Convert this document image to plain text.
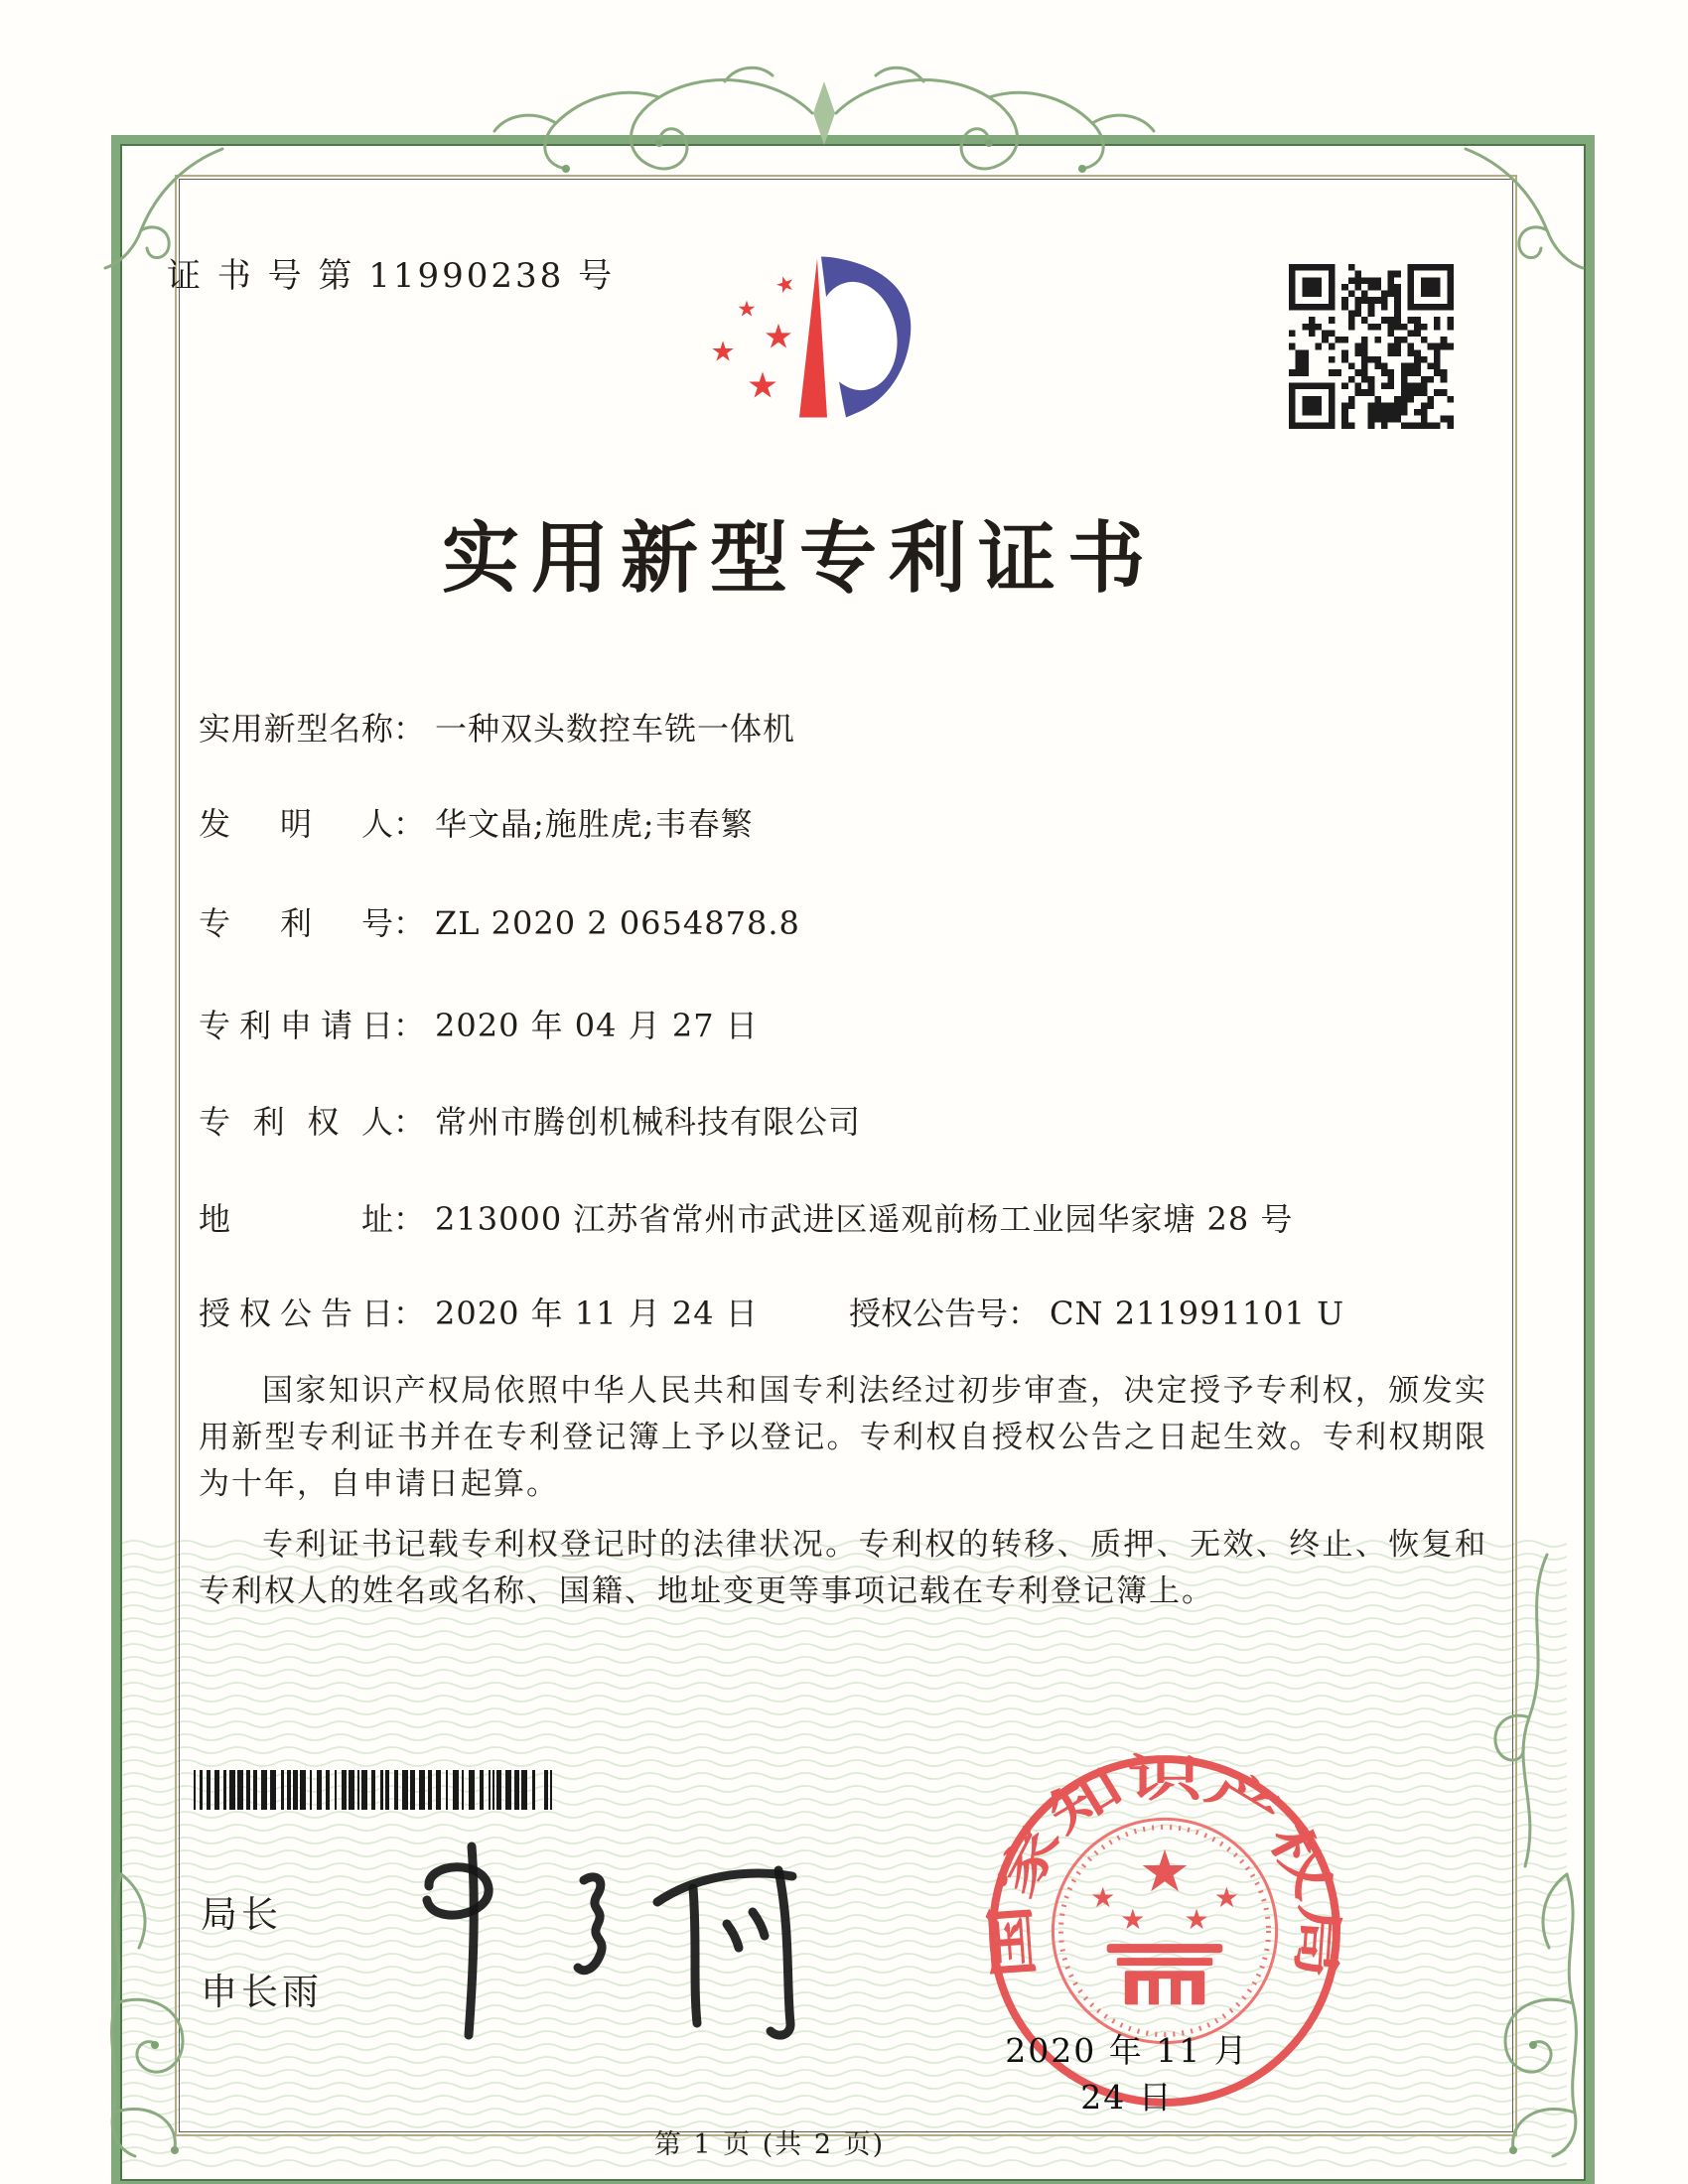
证 书 号 第 11990238 号	★
★
★
★
★
实用新型专利证书
实用新型名称： 一种双头数控车铣一体机
发明人： 华文晶;施胜虎;韦春繁
专利号： ZL 2020 2 0654878.8
专利申请日： 2020 年 04 月 27 日
专利权人： 常州市腾创机械科技有限公司
地址： 213000 江苏省常州市武进区遥观前杨工业园华家塘 28 号
授权公告日： 2020 年 11 月 24 日	授权公告号： CN 211991101 U

国家知识产权局依照中华人民共和国专利法经过初步审查，决定授予专利权，颁发实用新型专利证书并在专利登记簿上予以登记。专利权自授权公告之日起生效。专利权期限为十年，自申请日起算。

专利证书记载专利权登记时的法律状况。专利权的转移、质押、无效、终止、恢复和专利权人的姓名或名称、国籍、地址变更等事项记载在专利登记簿上。

局长
申长雨
国家知识产权局
★
★
★ ★
★
2020 年 11 月 24 日
第 1 页 (共 2 页)
